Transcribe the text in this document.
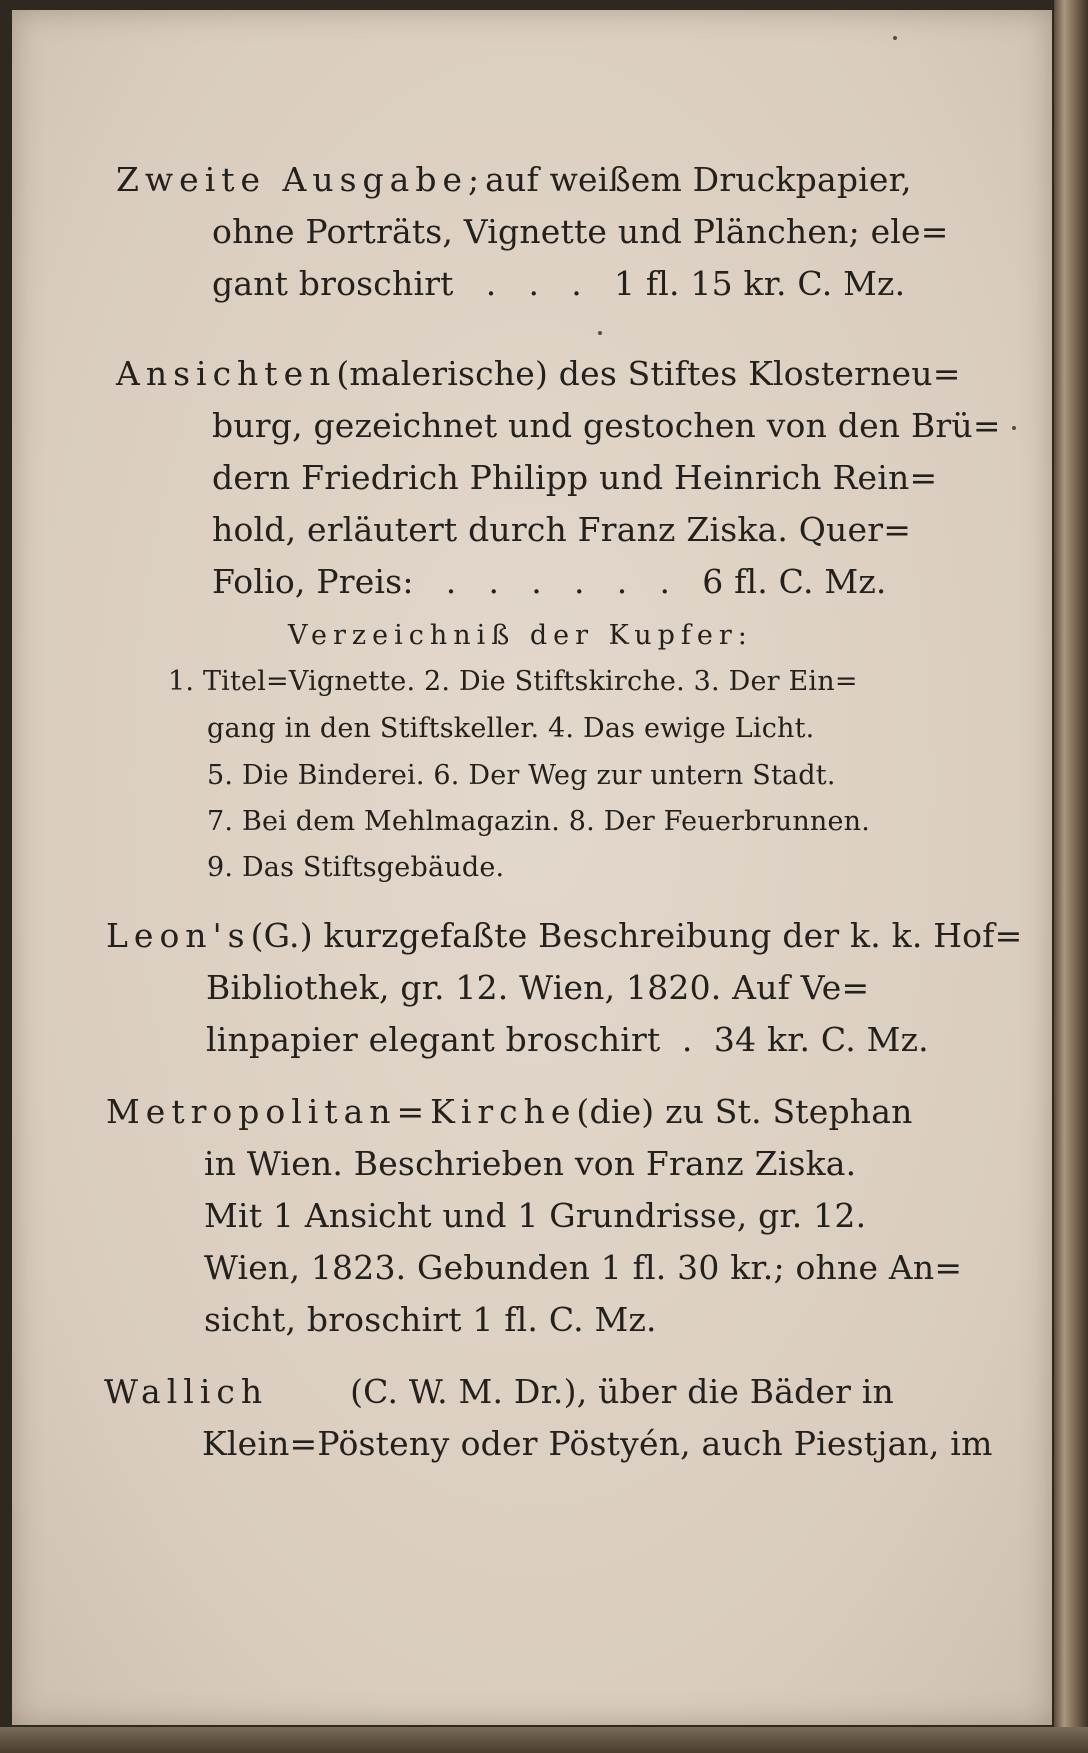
Zweite Ausgabe; auf weißem Druckpapier,
ohne Porträts, Vignette und Plänchen; ele=
gant broschirt   .   .   .   1 fl. 15 kr. C. Mz.
Ansichten (malerische) des Stiftes Klosterneu=
burg, gezeichnet und gestochen von den Brü=
dern Friedrich Philipp und Heinrich Rein=
hold, erläutert durch Franz Ziska. Quer=
Folio, Preis:   .   .   .   .   .   .   6 fl. C. Mz.
Verzeichniß der Kupfer:
1. Titel=Vignette. 2. Die Stiftskirche. 3. Der Ein=
gang in den Stiftskeller. 4. Das ewige Licht.
5. Die Binderei. 6. Der Weg zur untern Stadt.
7. Bei dem Mehlmagazin. 8. Der Feuerbrunnen.
9. Das Stiftsgebäude.
Leon's (G.) kurzgefaßte Beschreibung der k. k. Hof=
Bibliothek, gr. 12. Wien, 1820. Auf Ve=
linpapier elegant broschirt  .  34 kr. C. Mz.
Metropolitan=Kirche (die) zu St. Stephan
in Wien. Beschrieben von Franz Ziska.
Mit 1 Ansicht und 1 Grundrisse, gr. 12.
Wien, 1823. Gebunden 1 fl. 30 kr.; ohne An=
sicht, broschirt 1 fl. C. Mz.
Wallich (C. W. M. Dr.), über die Bäder in
Klein=Pöstenу oder Pöstyén, auch Piestjan, im
